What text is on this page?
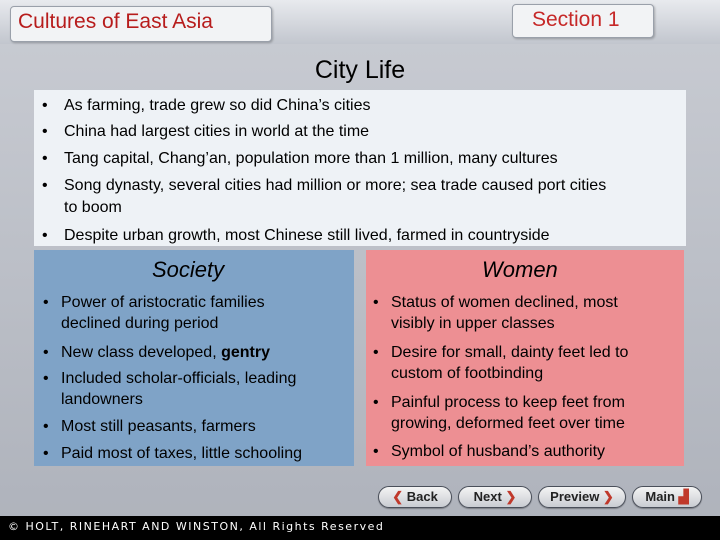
Cultures of East Asia	Section 1
City Life
• As farming, trade grew so did China’s cities
• China had largest cities in world at the time
• Tang capital, Chang’an, population more than 1 million, many cultures
• Song dynasty, several cities had million or more; sea trade caused port cities
to boom
• Despite urban growth, most Chinese still lived, farmed in countryside
Society
• Power of aristocratic families
declined during period
• New class developed, gentry
• Included scholar-officials, leading
landowners
• Most still peasants, farmers
• Paid most of taxes, little schooling
Women
• Status of women declined, most
visibly in upper classes
• Desire for small, dainty feet led to
custom of footbinding
• Painful process to keep feet from
growing, deformed feet over time
• Symbol of husband’s authority
❮ Back	Next ❯	Preview ❯	Main ▟
© HOLT, RINEHART AND WINSTON, All Rights Reserved
